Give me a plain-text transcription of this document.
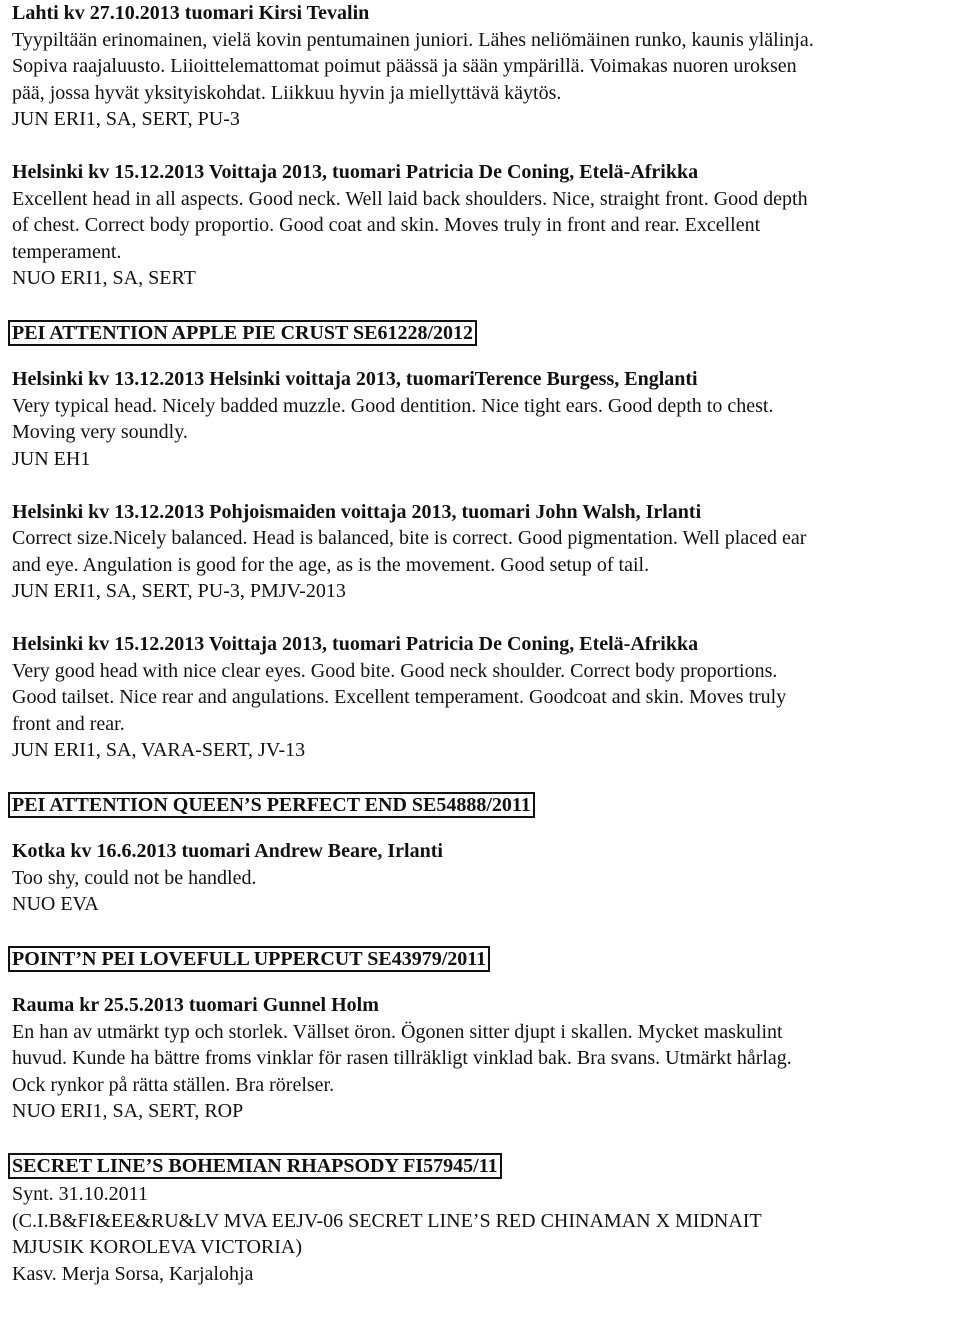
Lahti kv 27.10.2013 tuomari Kirsi Tevalin

Tyypiltään erinomainen, vielä kovin pentumainen juniori. Lähes neliömäinen runko, kaunis ylälinja.

Sopiva raajaluusto. Liioittelemattomat poimut päässä ja sään ympärillä. Voimakas nuoren uroksen

pää, jossa hyvät yksityiskohdat. Liikkuu hyvin ja miellyttävä käytös.

JUN ERI1, SA, SERT, PU-3

Helsinki kv 15.12.2013 Voittaja 2013, tuomari Patricia De Coning, Etelä-Afrikka

Excellent head in all aspects. Good neck. Well laid back shoulders. Nice, straight front. Good depth

of chest. Correct body proportio. Good coat and skin. Moves truly in front and rear. Excellent

temperament.

NUO ERI1, SA, SERT

PEI ATTENTION APPLE PIE CRUST SE61228/2012

Helsinki kv 13.12.2013 Helsinki voittaja 2013, tuomariTerence Burgess, Englanti

Very typical head. Nicely badded muzzle. Good dentition. Nice tight ears. Good depth to chest.

Moving very soundly.

JUN EH1

Helsinki kv 13.12.2013 Pohjoismaiden voittaja 2013, tuomari John Walsh, Irlanti

Correct size.Nicely balanced. Head is balanced, bite is correct. Good pigmentation. Well placed ear

and eye. Angulation is good for the age, as is the movement. Good setup of tail.

JUN ERI1, SA, SERT, PU-3, PMJV-2013

Helsinki kv 15.12.2013 Voittaja 2013, tuomari Patricia De Coning, Etelä-Afrikka

Very good head with nice clear eyes. Good bite. Good neck shoulder. Correct body proportions.

Good tailset. Nice rear and angulations. Excellent temperament. Goodcoat and skin. Moves truly

front and rear.

JUN ERI1, SA, VARA-SERT, JV-13

PEI ATTENTION QUEEN’S PERFECT END SE54888/2011

Kotka kv 16.6.2013 tuomari Andrew Beare, Irlanti

Too shy, could not be handled.

NUO EVA

POINT’N PEI LOVEFULL UPPERCUT SE43979/2011

Rauma kr 25.5.2013 tuomari Gunnel Holm

En han av utmärkt typ och storlek. Vällset öron. Ögonen sitter djupt i skallen. Mycket maskulint

huvud. Kunde ha bättre froms vinklar för rasen tillräkligt vinklad bak. Bra svans. Utmärkt hårlag.

Ock rynkor på rätta ställen. Bra rörelser.

NUO ERI1, SA, SERT, ROP

SECRET LINE’S BOHEMIAN RHAPSODY FI57945/11

Synt. 31.10.2011

(C.I.B&FI&EE&RU&LV MVA EEJV-06 SECRET LINE’S RED CHINAMAN X MIDNAIT

MJUSIK KOROLEVA VICTORIA)

Kasv. Merja Sorsa, Karjalohja
